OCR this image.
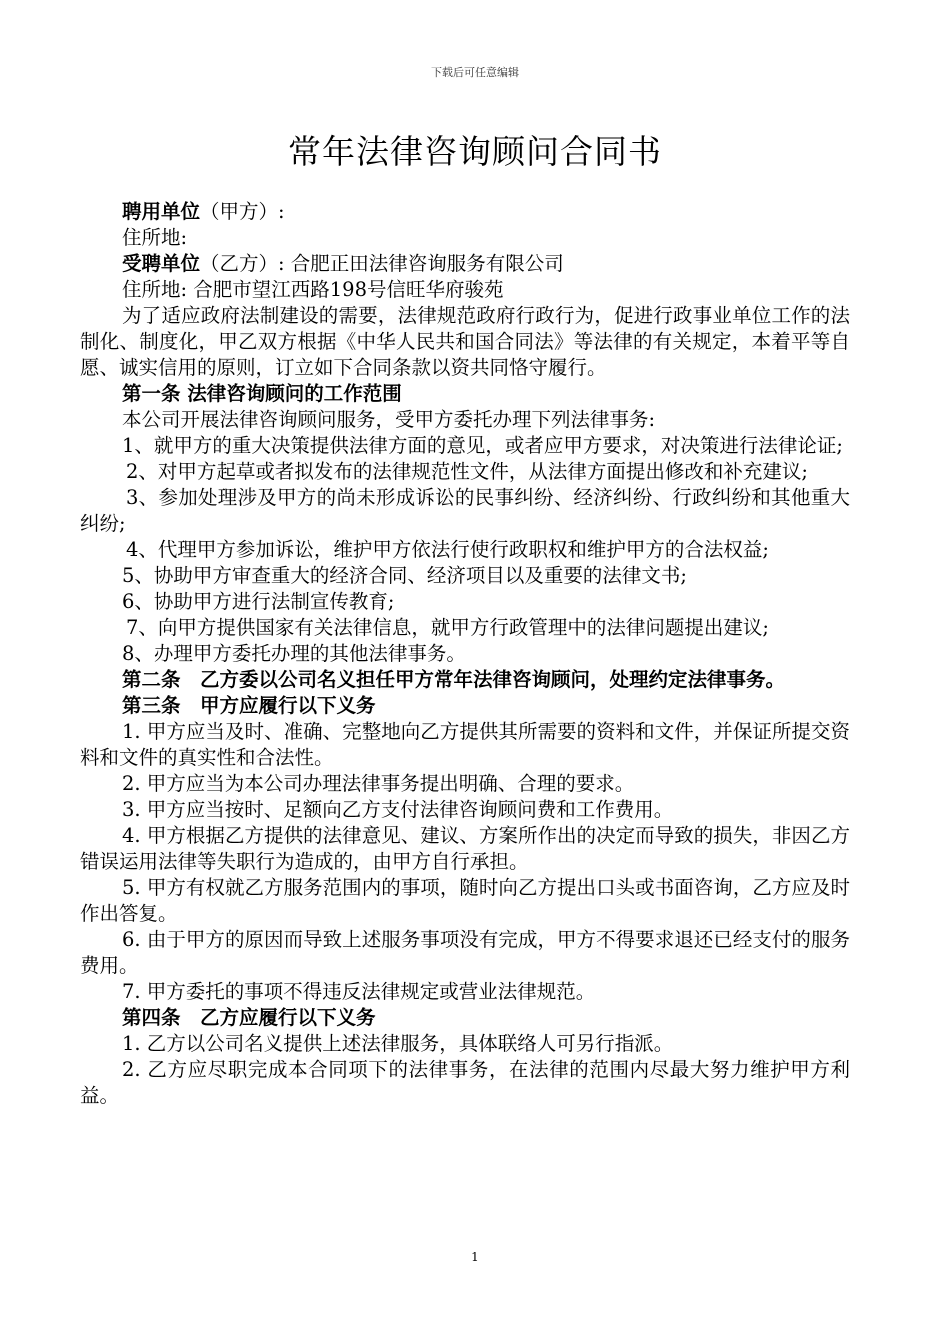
下载后可任意编辑
常年法律咨询顾问合同书

聘用单位（甲方）:

住所地:

受聘单位（乙方）: 合肥正田法律咨询服务有限公司

住所地: 合肥市望江西路198号信旺华府骏苑

为了适应政府法制建设的需要，法律规范政府行政行为，促进行政事业单位工作的法制化、制度化，甲乙双方根据《中华人民共和国合同法》等法律的有关规定，本着平等自愿、诚实信用的原则，订立如下合同条款以资共同恪守履行。

第一条 法律咨询顾问的工作范围

本公司开展法律咨询顾问服务，受甲方委托办理下列法律事务:

1、就甲方的重大决策提供法律方面的意见，或者应甲方要求，对决策进行法律论证;

2、对甲方起草或者拟发布的法律规范性文件，从法律方面提出修改和补充建议;

3、参加处理涉及甲方的尚未形成诉讼的民事纠纷、经济纠纷、行政纠纷和其他重大纠纷;

4、代理甲方参加诉讼，维护甲方依法行使行政职权和维护甲方的合法权益;

5、协助甲方审查重大的经济合同、经济项目以及重要的法律文书;

6、协助甲方进行法制宣传教育;

7、向甲方提供国家有关法律信息，就甲方行政管理中的法律问题提出建议;

8、办理甲方委托办理的其他法律事务。

第二条　乙方委以公司名义担任甲方常年法律咨询顾问，处理约定法律事务。

第三条　甲方应履行以下义务

1. 甲方应当及时、准确、完整地向乙方提供其所需要的资料和文件，并保证所提交资料和文件的真实性和合法性。

2. 甲方应当为本公司办理法律事务提出明确、合理的要求。

3. 甲方应当按时、足额向乙方支付法律咨询顾问费和工作费用。

4. 甲方根据乙方提供的法律意见、建议、方案所作出的决定而导致的损失，非因乙方错误运用法律等失职行为造成的，由甲方自行承担。

5. 甲方有权就乙方服务范围内的事项，随时向乙方提出口头或书面咨询，乙方应及时作出答复。

6. 由于甲方的原因而导致上述服务事项没有完成，甲方不得要求退还已经支付的服务费用。

7. 甲方委托的事项不得违反法律规定或营业法律规范。

第四条　乙方应履行以下义务

1. 乙方以公司名义提供上述法律服务，具体联络人可另行指派。

2. 乙方应尽职完成本合同项下的法律事务，在法律的范围内尽最大努力维护甲方利益。

1
